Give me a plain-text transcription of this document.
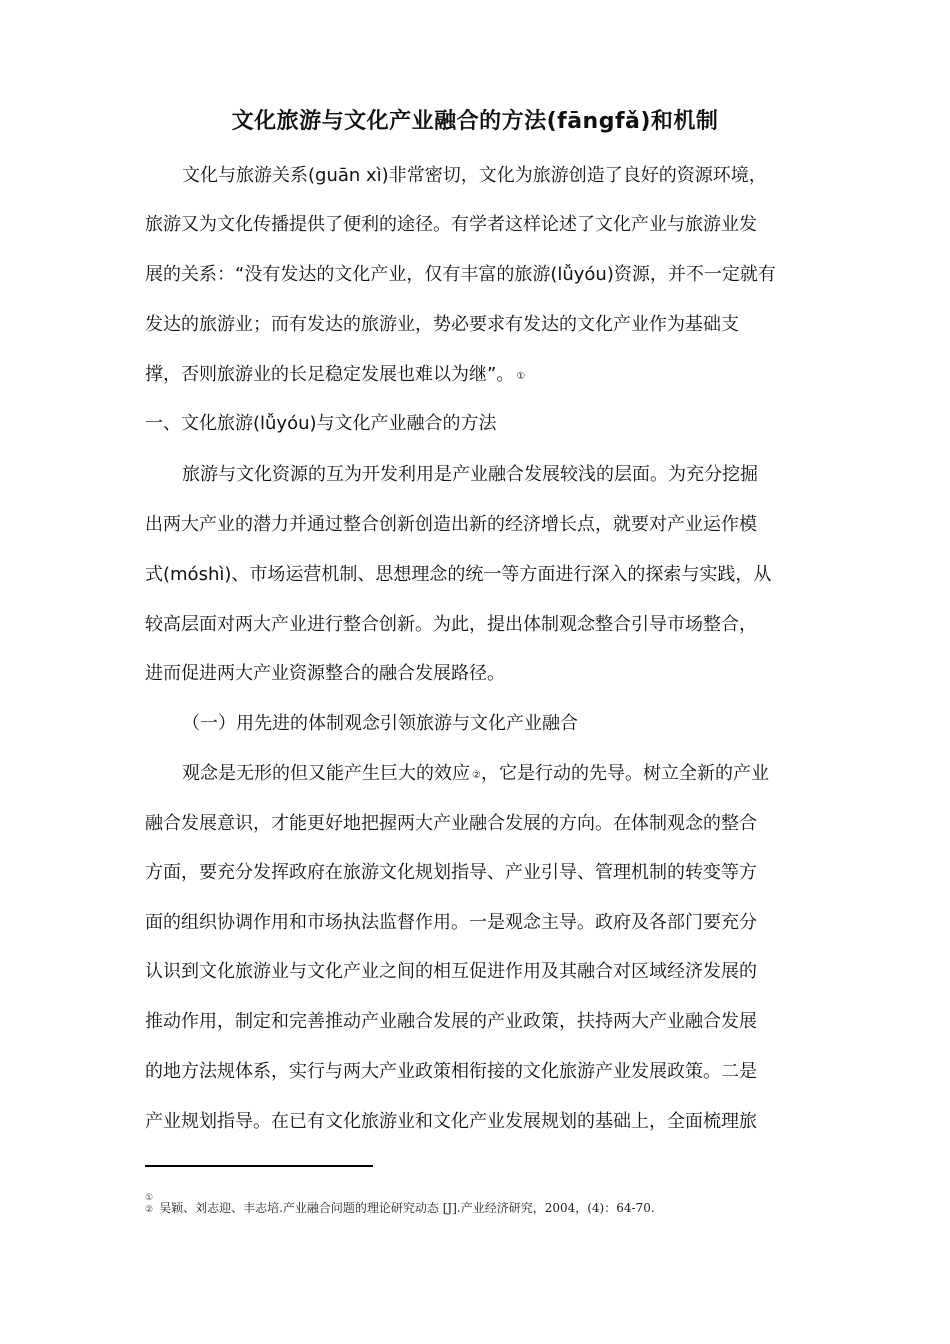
文化旅游与文化产业融合的方法(fāngfǎ)和机制
文化与旅游关系(guān xì)非常密切，文化为旅游创造了良好的资源环境，
旅游又为文化传播提供了便利的途径。有学者这样论述了文化产业与旅游业发
展的关系：“没有发达的文化产业，仅有丰富的旅游(lǚyóu)资源，并不一定就有
发达的旅游业；而有发达的旅游业，势必要求有发达的文化产业作为基础支
撑，否则旅游业的长足稳定发展也难以为继”。 ①
一、文化旅游(lǚyóu)与文化产业融合的方法
旅游与文化资源的互为开发利用是产业融合发展较浅的层面。为充分挖掘
出两大产业的潜力并通过整合创新创造出新的经济增长点，就要对产业运作模
式(móshì)、市场运营机制、思想理念的统一等方面进行深入的探索与实践，从
较高层面对两大产业进行整合创新。为此，提出体制观念整合引导市场整合，
进而促进两大产业资源整合的融合发展路径。
（一）用先进的体制观念引领旅游与文化产业融合
观念是无形的但又能产生巨大的效应 ②，它是行动的先导。树立全新的产业
融合发展意识，才能更好地把握两大产业融合发展的方向。在体制观念的整合
方面，要充分发挥政府在旅游文化规划指导、产业引导、管理机制的转变等方
面的组织协调作用和市场执法监督作用。一是观念主导。政府及各部门要充分
认识到文化旅游业与文化产业之间的相互促进作用及其融合对区域经济发展的
推动作用，制定和完善推动产业融合发展的产业政策，扶持两大产业融合发展
的地方法规体系，实行与两大产业政策相衔接的文化旅游产业发展政策。二是
产业规划指导。在已有文化旅游业和文化产业发展规划的基础上，全面梳理旅
①
② 吴颖、刘志迎、丰志培.产业融合问题的理论研究动态 [J].产业经济研究，2004，(4)：64-70.
